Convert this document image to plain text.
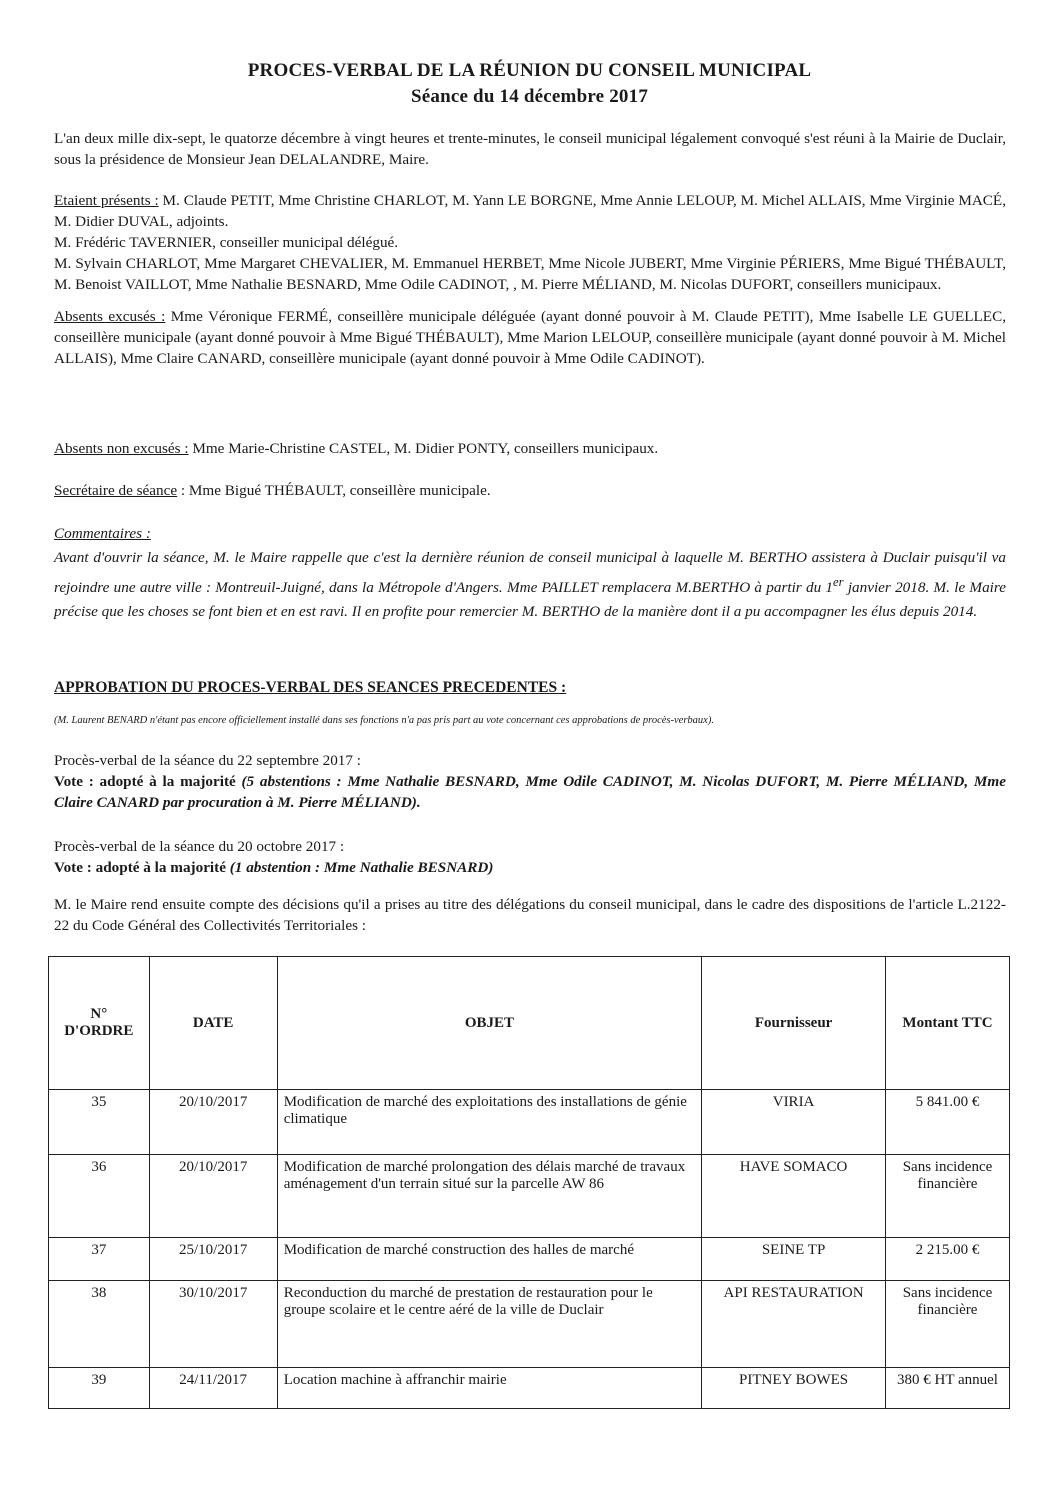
PROCES-VERBAL DE LA RÉUNION DU CONSEIL MUNICIPAL
Séance du 14 décembre 2017
L'an deux mille dix-sept, le quatorze décembre à vingt heures et trente-minutes, le conseil municipal légalement convoqué s'est réuni à la Mairie de Duclair, sous la présidence de Monsieur Jean DELALANDRE, Maire.
Etaient présents : M. Claude PETIT, Mme Christine CHARLOT, M. Yann LE BORGNE, Mme Annie LELOUP, M. Michel ALLAIS, Mme Virginie MACÉ, M. Didier DUVAL, adjoints.
M. Frédéric TAVERNIER, conseiller municipal délégué.
M. Sylvain CHARLOT, Mme Margaret CHEVALIER, M. Emmanuel HERBET, Mme Nicole JUBERT, Mme Virginie PÉRIERS, Mme Bigué THÉBAULT, M. Benoist VAILLOT, Mme Nathalie BESNARD, Mme Odile CADINOT, , M. Pierre MÉLIAND, M. Nicolas DUFORT, conseillers municipaux.
Absents excusés : Mme Véronique FERMÉ, conseillère municipale déléguée (ayant donné pouvoir à M. Claude PETIT), Mme Isabelle LE GUELLEC, conseillère municipale (ayant donné pouvoir à Mme Bigué THÉBAULT), Mme Marion LELOUP, conseillère municipale (ayant donné pouvoir à M. Michel ALLAIS), Mme Claire CANARD, conseillère municipale (ayant donné pouvoir à Mme Odile CADINOT).
Absents non excusés : Mme Marie-Christine CASTEL, M. Didier PONTY, conseillers municipaux.
Secrétaire de séance : Mme Bigué THÉBAULT, conseillère municipale.
Commentaires :
Avant d'ouvrir la séance, M. le Maire rappelle que c'est la dernière réunion de conseil municipal à laquelle M. BERTHO assistera à Duclair puisqu'il va rejoindre une autre ville : Montreuil-Juigné, dans la Métropole d'Angers. Mme PAILLET remplacera M.BERTHO à partir du 1er janvier 2018. M. le Maire précise que les choses se font bien et en est ravi. Il en profite pour remercier M. BERTHO de la manière dont il a pu accompagner les élus depuis 2014.
APPROBATION DU PROCES-VERBAL DES SEANCES PRECEDENTES :
(M. Laurent BENARD n'étant pas encore officiellement installé dans ses fonctions n'a pas pris part au vote concernant ces approbations de procès-verbaux).
Procès-verbal de la séance du 22 septembre 2017 :
Vote : adopté à la majorité (5 abstentions : Mme Nathalie BESNARD, Mme Odile CADINOT, M. Nicolas DUFORT, M. Pierre MÉLIAND, Mme Claire CANARD par procuration à M. Pierre MÉLIAND).
Procès-verbal de la séance du 20 octobre 2017 :
Vote : adopté à la majorité (1 abstention : Mme Nathalie BESNARD)
M. le Maire rend ensuite compte des décisions qu'il a prises au titre des délégations du conseil municipal, dans le cadre des dispositions de l'article L.2122-22 du Code Général des Collectivités Territoriales :
N°
D'ORDRE	DATE	OBJET	Fournisseur	Montant TTC
35	20/10/2017	Modification de marché des exploitations des installations de génie climatique	VIRIA	5 841.00 €
36	20/10/2017	Modification de marché prolongation des délais marché de travaux aménagement d'un terrain situé sur la parcelle AW 86	HAVE SOMACO	Sans incidence financière
37	25/10/2017	Modification de marché construction des halles de marché	SEINE TP	2 215.00 €
38	30/10/2017	Reconduction du marché de prestation de restauration pour le groupe scolaire et le centre aéré de la ville de Duclair	API RESTAURATION	Sans incidence financière
39	24/11/2017	Location machine à affranchir mairie	PITNEY BOWES	380 € HT annuel
